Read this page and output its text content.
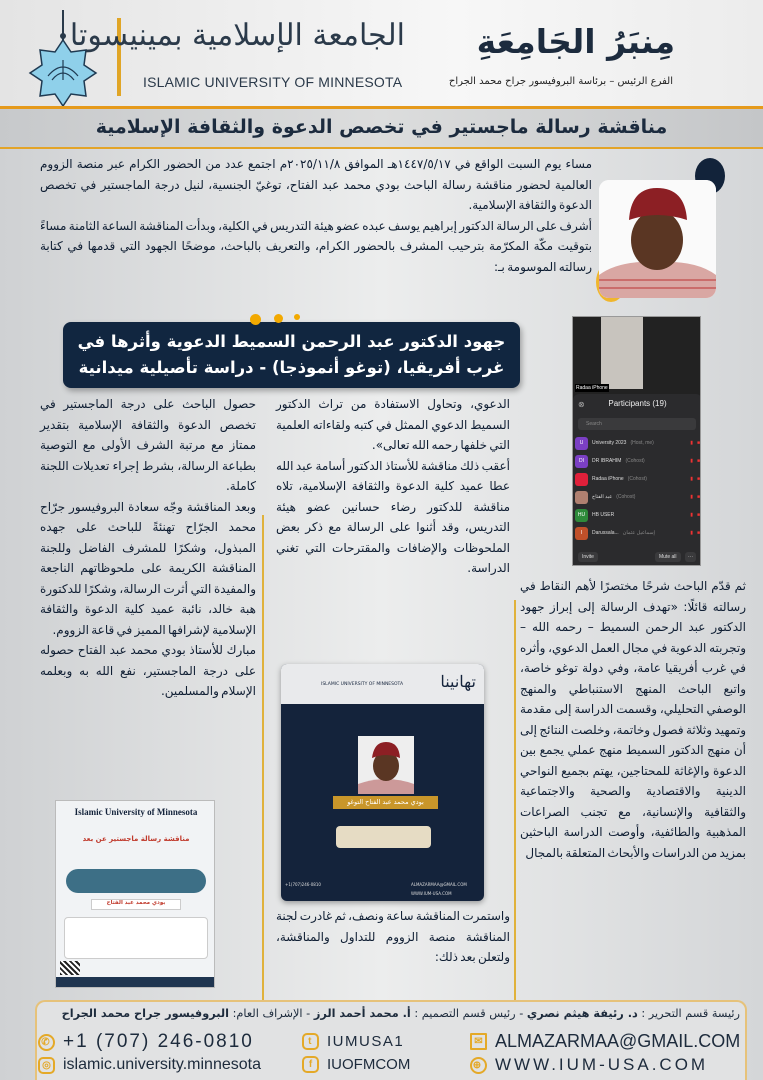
الجامعة الإسلامية بمينيسوتا
ISLAMIC UNIVERSITY OF MINNESOTA
مِنبَرُ الجَامِعَةِ
الفرع الرئيس – برئاسة البروفيسور جراح محمد الجراح
مناقشة رسالة ماجستير في تخصص الدعوة والثقافة الإسلامية

مساء يوم السبت الواقع في ١٤٤٧/٥/١٧هـ الموافق ٢٠٢٥/١١/٨م اجتمع عدد من الحضور الكرام عبر منصة الزووم العالمية لحضور مناقشة رسالة الباحث بودي محمد عبد الفتاح، توغيّ الجنسية، لنيل درجة الماجستير في تخصص الدعوة والثقافة الإسلامية.

أشرف على الرسالة الدكتور إبراهيم يوسف عبده عضو هيئة التدريس في الكلية، وبدأت المناقشة الساعة الثامنة مساءً بتوقيت مكّة المكرّمة بترحيب المشرف بالحضور الكرام، والتعريف بالباحث، موضحًا الجهود التي قدمها في كتابة رسالته الموسومة بـ:

جهود الدكتور عبد الرحمن السميط الدعوية وأثرها في غرب أفريقيا، (توغو أنموذجا) - دراسة تأصيلية ميدانية
Radaa iPhone
⊗	Participants (19)
Search
U	University 2023 (Host, me)	▮ ■
DI	DR IBRAHIM (Cohost)	▮ ■
Radaa iPhone (Cohost)	▮ ■
عبد الفتاح (Cohost)	▮ ■
HU	HB USER	▮ ■
I	Darussala... إسماعيل عثمان	▮ ■
Invite	Mute all	···

حصول الباحث على درجة الماجستير في تخصص الدعوة والثقافة الإسلامية بتقدير ممتاز مع مرتبة الشرف الأولى مع التوصية بطباعة الرسالة، بشرط إجراء تعديلات اللجنة كاملة.

وبعد المناقشة وجّه سعادة البروفيسور جرّاح محمد الجرّاح تهنئةً للباحث على جهده المبذول، وشكرًا للمشرف الفاضل وللجنة المناقشة الكريمة على ملحوظاتهم الناجعة والمفيدة التي أثرت الرسالة، وشكرًا للدكتورة هبة خالد، نائبة عميد كلية الدعوة والثقافة الإسلامية لإشرافها المميز في قاعة الزووم.

مبارك للأستاذ بودي محمد عبد الفتاح حصوله على درجة الماجستير، نفع الله به وبعلمه الإسلام والمسلمين.

الدعوي، وتحاول الاستفادة من تراث الدكتور السميط الدعوي الممثل في كتبه ولقاءاته العلمية التي خلفها رحمه الله تعالى».

أعقب ذلك مناقشة للأستاذ الدكتور أسامة عبد الله عطا عميد كلية الدعوة والثقافة الإسلامية، تلاه مناقشة للدكتور رضاء حسانين عضو هيئة التدريس، وقد أثنوا على الرسالة مع ذكر بعض الملحوظات والإضافات والمقترحات التي تغني الدراسة.

ثم قدّم الباحث شرحًا مختصرًا لأهم النقاط في رسالته قائلًا: «تهدف الرسالة إلى إبراز جهود الدكتور عبد الرحمن السميط – رحمه الله – وتجربته الدعوية في مجال العمل الدعوي، وأثره في غرب أفريقيا عامة، وفي دولة توغو خاصة، واتبع الباحث المنهج الاستنباطي والمنهج الوصفي التحليلي، وقسمت الدراسة إلى مقدمة وتمهيد وثلاثة فصول وخاتمة، وخلصت النتائج إلى أن منهج الدكتور السميط منهج عملي يجمع بين الدعوة والإغاثة للمحتاجين، يهتم بجميع النواحي الدينية والاقتصادية والصحية والاجتماعية والثقافية والإنسانية، مع تجنب الصراعات المذهبية والطائفية، وأوصت الدراسة الباحثين بمزيد من الدراسات والأبحاث المتعلقة بالمجال

واستمرت المناقشة ساعة ونصف، ثم غادرت لجنة المناقشة منصة الزووم للتداول والمناقشة، ولتعلن بعد ذلك:

تهانينا
ISLAMIC UNIVERSITY OF MINNESOTA
بودي محمد عبد الفتاح التوغو
+1(707)246-0810	ALMAZARMAA@GMAIL.COM
WWW.IUM-USA.COM
Islamic University of Minnesota
مناقشة رسالة ماجستير عن بعد
بودي محمد عبد الفتاح
رئيسة قسم التحرير : د. رئيفة هيثم نصري - رئيس قسم التصميم : أ. محمد أحمد الرز - الإشراف العام: البروفيسور جراح محمد الجراح
✆ +1 (707) 246-0810
◎ islamic.university.minnesota
t IUMUSA1
f IUOFMCOM
✉ ALMAZARMAA@GMAIL.COM
⊕ WWW.IUM-USA.COM
